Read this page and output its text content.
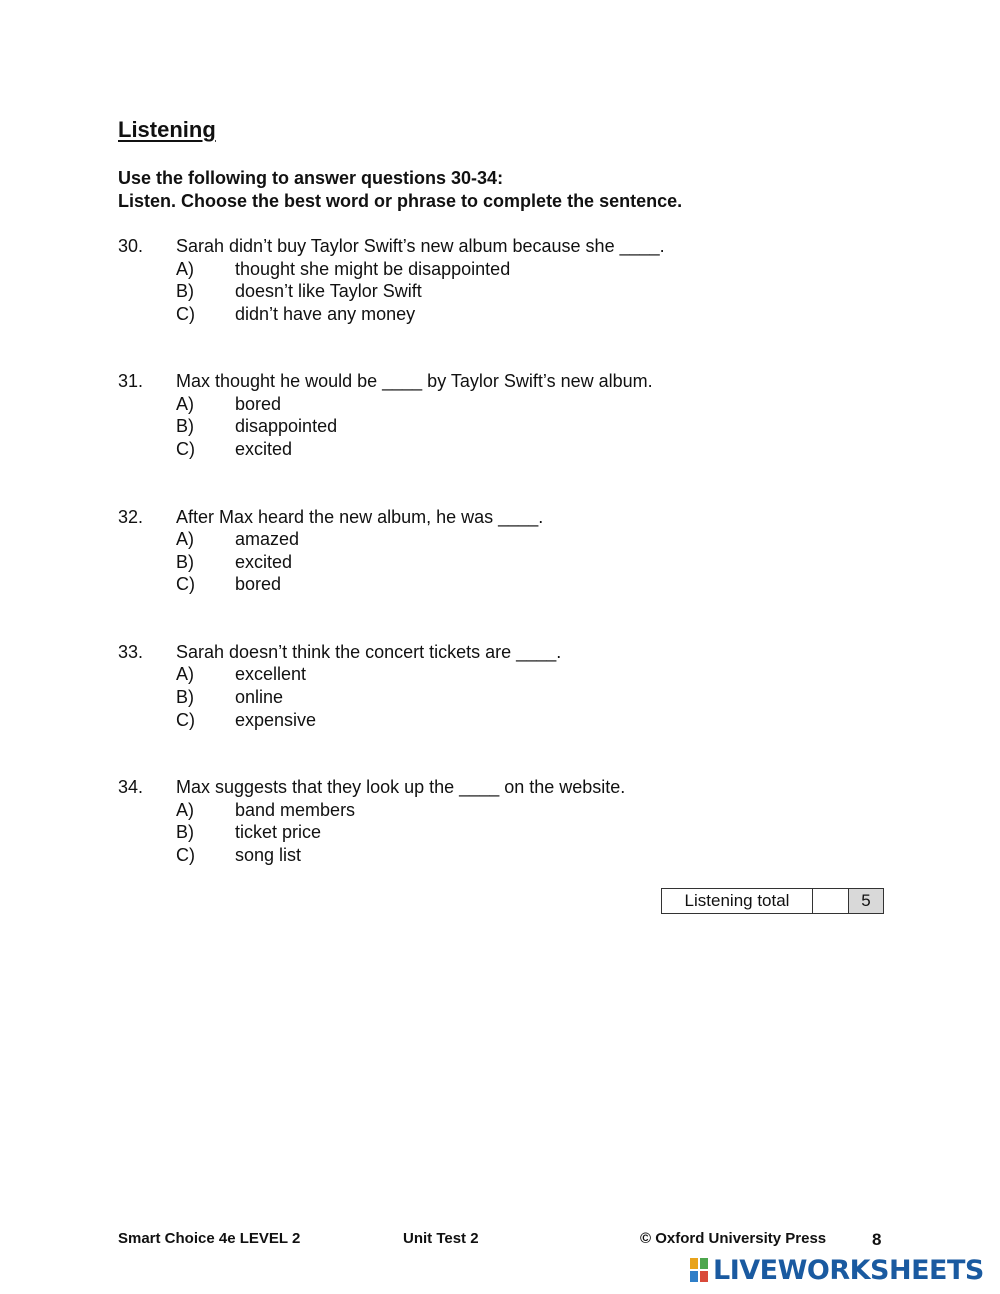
Listening
Use the following to answer questions 30-34:
Listen. Choose the best word or phrase to complete the sentence.
30. Sarah didn’t buy Taylor Swift’s new album because she ____.
A) thought she might be disappointed
B) doesn’t like Taylor Swift
C) didn’t have any money
31. Max thought he would be ____ by Taylor Swift’s new album.
A) bored
B) disappointed
C) excited
32. After Max heard the new album, he was ____.
A) amazed
B) excited
C) bored
33. Sarah doesn’t think the concert tickets are ____.
A) excellent
B) online
C) expensive
34. Max suggests that they look up the ____ on the website.
A) band members
B) ticket price
C) song list
Listening total	5
Smart Choice 4e LEVEL 2	Unit Test 2	© Oxford University Press	8
LIVEWORKSHEETS
